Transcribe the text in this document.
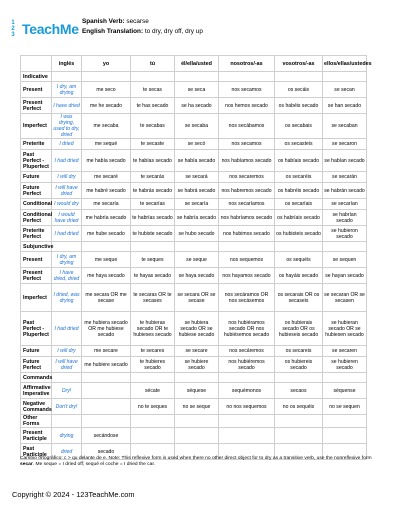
1
2
3 TeachMe Spanish Verb: secarse
English Translation: to dry, dry off, dry up
	inglés	yo	tú	él/ella/usted	nosotros/-as	vosotros/-as	ellos/ellas/ustedes
Indicative							
Present	I dry, am drying	me seco	te secas	se seca	nos secamos	os secáis	se secan
Present Perfect	I have dried	me he secado	te has secado	se ha secado	nos hemos secado	os habéis secado	se han secado
Imperfect	I was drying, used to dry, dried	me secaba	te secabas	se secaba	nos secábamos	os secabais	se secaban
Preterite	I dried	me sequé	te secaste	se secó	nos secamos	os secasteis	se secaron
Past Perfect - Pluperfect	I had dried	me había secado	te habías secado	se había secado	nos habíamos secado	os habíais secado	se habían secado
Future	I will dry	me secaré	te secarás	se secará	nos secaremos	os secaréis	se secarán
Future Perfect	I will have dried	me habré secado	te habrás secado	se habrá secado	nos habremos secado	os habréis secado	se habrán secado
Conditional	I would dry	me secaría	te secarías	se secaría	nos secaríamos	os secaríais	se secarían
Conditional Perfect	I would have dried	me habría secado	te habrías secado	se habría secado	nos habríamos secado	os habríais secado	se habrían secado
Preterite Perfect	I had dried	me hube secado	te hubiste secado	se hubo secado	nos hubimos secado	os hubisteis secado	se hubieron secado
Subjunctive							
Present	I dry, am drying	me seque	te seques	se seque	nos sequemos	os sequéis	se sequen
Present Perfect	I have dried, dried	me haya secado	te hayas secado	se haya secado	nos hayamos secado	os hayáis secado	se hayan secado
Imperfect	I dried, was drying	me secara OR me secase	te secaras OR te secases	se secara OR se secase	nos secáramos OR nos secásemos	os secarais OR os secaseis	se secaran OR se secasen
Past Perfect - Pluperfect	I had dried	me hubiera secado OR me hubiese secado	te hubieras secado OR te hubieses secado	se hubiera secado OR se hubiese secado	nos hubiéramos secado OR nos hubiésemos secado	os hubierais secado OR os hubieseis secado	se hubieran secado OR se hubiesen secado
Future	I will dry	me secare	te secares	se secare	nos secáremos	os secareis	se secaren
Future Perfect	I will have dried	me hubiere secado	te hubieres secado	se hubiere secado	nos hubiéremos secado	os hubiereis secado	se hubieren secado
Commands							
Affirmative Imperative	Dry!		sécate	séquese	sequémonos	secaos	séquense
Negative Commands	Don't dry!		no te seques	no se seque	no nos sequemos	no os sequéis	no se sequen
Other Forms							
Present Participle	drying	secándose					
Past Participle	dried	secado					
Cambio ortográfico: c > qu delante de e. Note: This reflexive form is used when there no other direct object for to dry as a transitive verb, use the nonreflexive form secar. Me seque = I dried off; sequé el coche = I dried the car.
Copyright © 2024 - 123TeachMe.com
